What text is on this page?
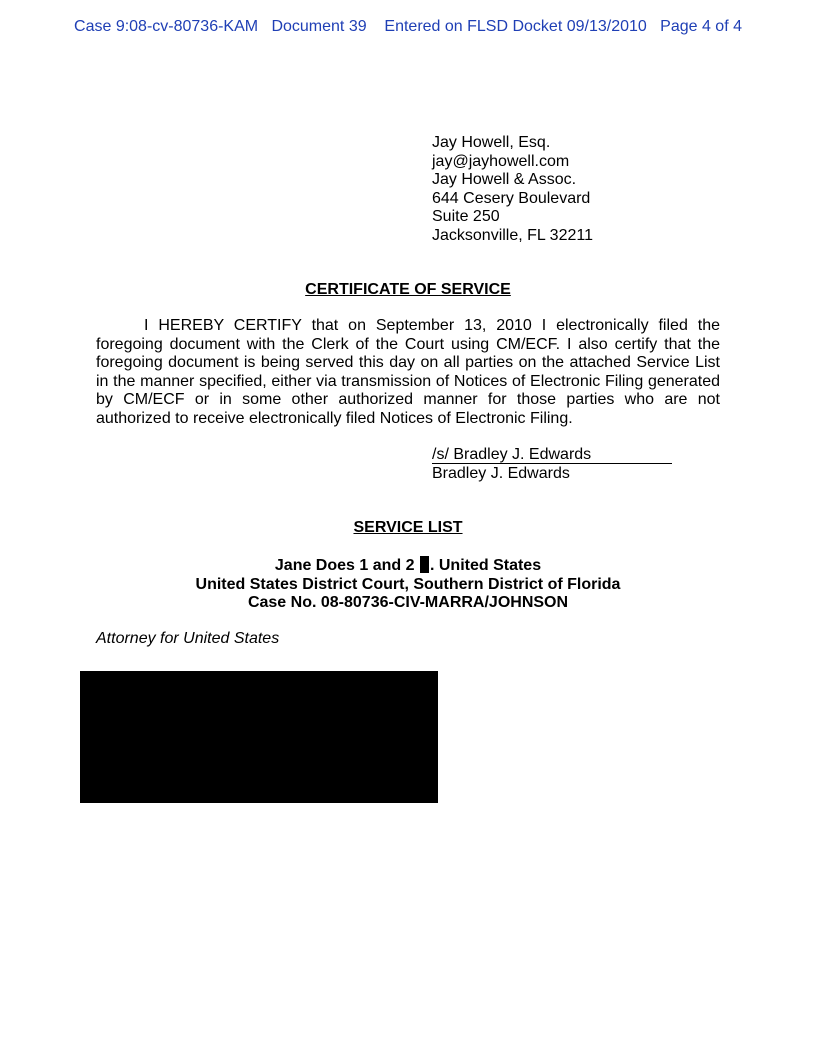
Case 9:08-cv-80736-KAM Document 39 Entered on FLSD Docket 09/13/2010 Page 4 of 4
Jay Howell, Esq.
jay@jayhowell.com
Jay Howell & Assoc.
644 Cesery Boulevard
Suite 250
Jacksonville, FL 32211
CERTIFICATE OF SERVICE
I HEREBY CERTIFY that on September 13, 2010 I electronically filed the foregoing document with the Clerk of the Court using CM/ECF. I also certify that the foregoing document is being served this day on all parties on the attached Service List in the manner specified, either via transmission of Notices of Electronic Filing generated by CM/ECF or in some other authorized manner for those parties who are not authorized to receive electronically filed Notices of Electronic Filing.
/s/ Bradley J. Edwards
Bradley J. Edwards
SERVICE LIST
Jane Does 1 and 2 . United States
United States District Court, Southern District of Florida
Case No. 08-80736-CIV-MARRA/JOHNSON
Attorney for United States
